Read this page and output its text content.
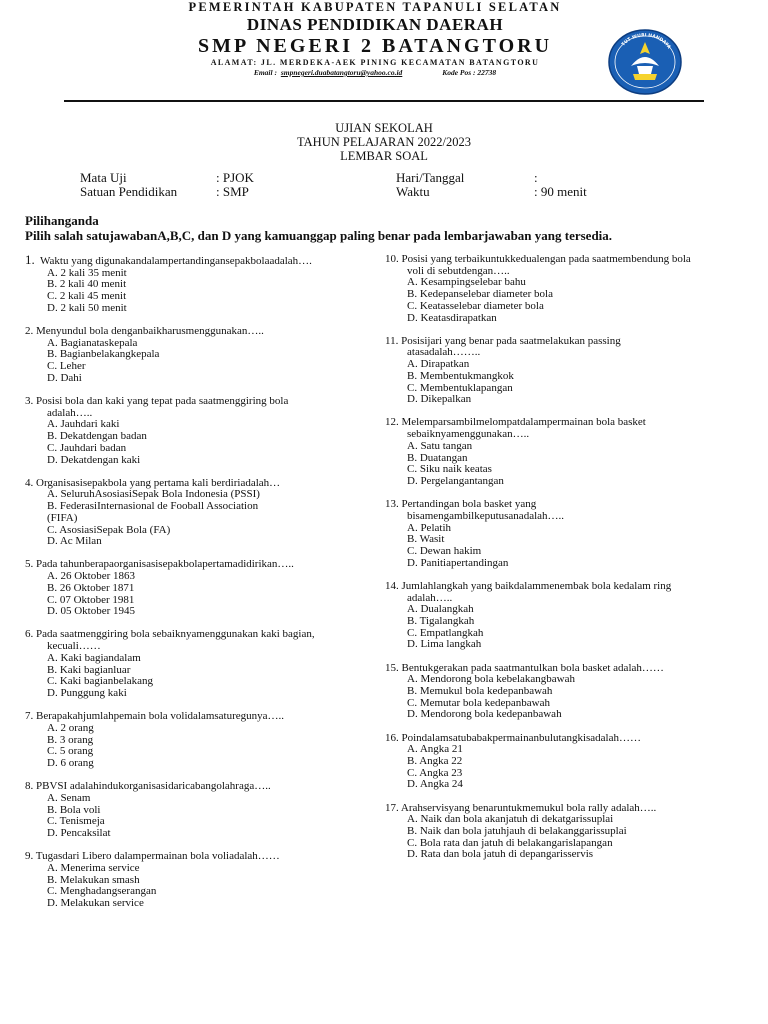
PEMERINTAH KABUPATEN TAPANULI SELATAN
DINAS PENDIDIKAN DAERAH
SMP NEGERI 2 BATANGTORU
ALAMAT: JL. MERDEKA-AEK PINING KECAMATAN BATANGTORU
Email : smpnegeri.duabatangtoru@yahoo.co.id	Kode Pos : 22738
TUT WURI HANDAYA
UJIAN SEKOLAH
TAHUN PELAJARAN 2022/2023
LEMBAR SOAL
Mata Uji	: PJOK
Satuan Pendidikan	: SMP
Hari/Tanggal	:
Waktu	: 90 menit
Pilihanganda
Pilih salah satujawabanA,B,C, dan D yang kamuanggap paling benar pada lembarjawaban yang tersedia.
1.  Waktu yang digunakandalampertandingansepakbolaadalah….
A. 2 kali 35 menit
B. 2 kali 40 menit
C. 2 kali 45 menit
D. 2 kali 50 menit
2. Menyundul bola denganbaikharusmenggunakan…..
A. Bagianataskepala
B. Bagianbelakangkepala
C. Leher
D. Dahi
3. Posisi bola dan kaki yang tepat pada saatmenggiring bola
adalah…..
A. Jauhdari kaki
B. Dekatdengan badan
C. Jauhdari badan
D. Dekatdengan kaki
4. Organisasisepakbola yang pertama kali berdiriadalah…
A. SeluruhAsosiasiSepak Bola Indonesia (PSSI)
B. FederasiInternasional de Fooball Association
(FIFA)
C. AsosiasiSepak Bola (FA)
D. Ac Milan
5. Pada tahunberapaorganisasisepakbolapertamadidirikan…..
A. 26 Oktober 1863
B. 26 Oktober 1871
C. 07 Oktober 1981
D. 05 Oktober 1945
6. Pada saatmenggiring bola sebaiknyamenggunakan kaki bagian,
kecuali……
A. Kaki bagiandalam
B. Kaki bagianluar
C. Kaki bagianbelakang
D. Punggung kaki
7. Berapakahjumlahpemain bola volidalamsaturegunya…..
A. 2 orang
B. 3 orang
C. 5 orang
D. 6 orang
8. PBVSI adalahindukorganisasidaricabangolahraga…..
A. Senam
B. Bola voli
C. Tenismeja
D. Pencaksilat
9. Tugasdari Libero dalampermainan bola voliadalah……
A. Menerima service
B. Melakukan smash
C. Menghadangserangan
D. Melakukan service
10. Posisi yang terbaikuntukkedualengan pada saatmembendung bola
voli di sebutdengan…..
A. Kesampingselebar bahu
B. Kedepanselebar diameter bola
C. Keatasselebar diameter bola
D. Keatasdirapatkan
11. Posisijari yang benar pada saatmelakukan passing
atasadalah……..
A. Dirapatkan
B. Membentukmangkok
C. Membentuklapangan
D. Dikepalkan
12. Melemparsambilmelompatdalampermainan bola basket
sebaiknyamenggunakan…..
A. Satu tangan
B. Duatangan
C. Siku naik keatas
D. Pergelangantangan
13. Pertandingan bola basket yang
bisamengambilkeputusanadalah…..
A. Pelatih
B. Wasit
C. Dewan hakim
D. Panitiapertandingan
14. Jumlahlangkah yang baikdalammenembak bola kedalam ring
adalah…..
A. Dualangkah
B. Tigalangkah
C. Empatlangkah
D. Lima langkah
15. Bentukgerakan pada saatmantulkan bola basket adalah……
A. Mendorong bola kebelakangbawah
B. Memukul bola kedepanbawah
C. Memutar bola kedepanbawah
D. Mendorong bola kedepanbawah
16. Poindalamsatubabakpermainanbulutangkisadalah……
A. Angka 21
B. Angka 22
C. Angka 23
D. Angka 24
17. Arahservisyang benaruntukmemukul bola rally adalah…..
A. Naik dan bola akanjatuh di dekatgarissuplai
B. Naik dan bola jatuhjauh di belakanggarissuplai
C. Bola rata dan jatuh di belakangarislapangan
D. Rata dan bola jatuh di depangarisservis
